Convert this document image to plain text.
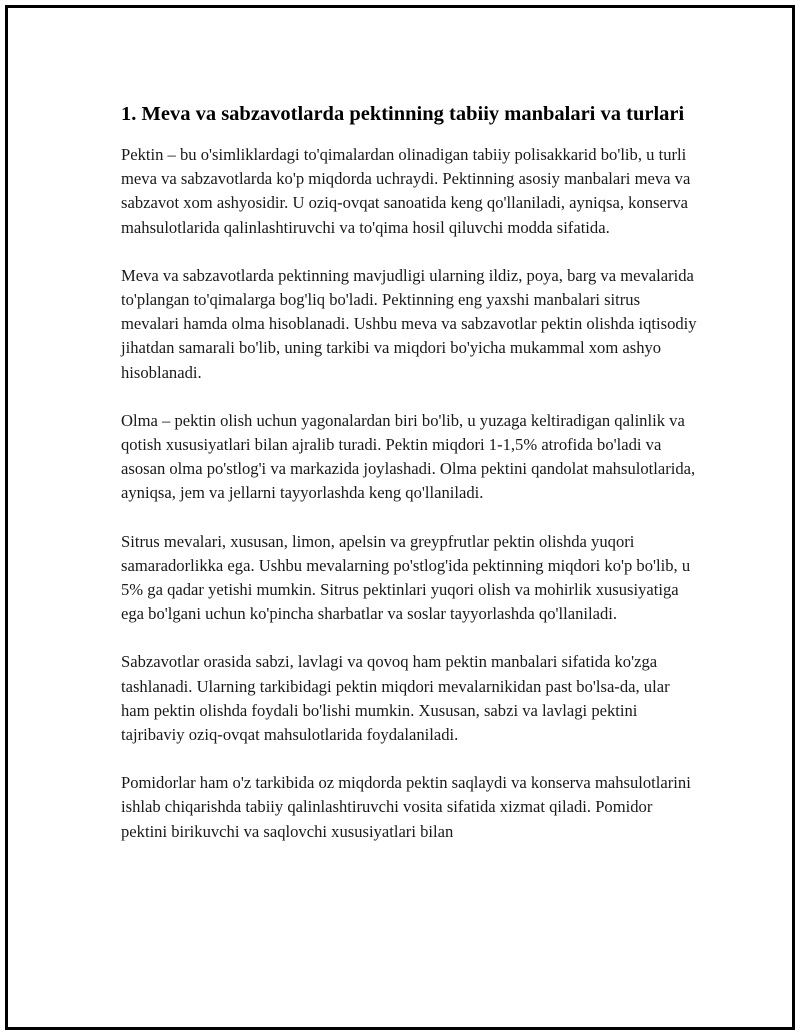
1. Meva va sabzavotlarda pektinning tabiiy manbalari va turlari

Pektin – bu o'simliklardagi to'qimalardan olinadigan tabiiy polisakkarid bo'lib, u turli meva va sabzavotlarda ko'p miqdorda uchraydi. Pektinning asosiy manbalari meva va sabzavot xom ashyosidir. U oziq-ovqat sanoatida keng qo'llaniladi, ayniqsa, konserva mahsulotlarida qalinlashtiruvchi va to'qima hosil qiluvchi modda sifatida.

Meva va sabzavotlarda pektinning mavjudligi ularning ildiz, poya, barg va mevalarida to'plangan to'qimalarga bog'liq bo'ladi. Pektinning eng yaxshi manbalari sitrus mevalari hamda olma hisoblanadi. Ushbu meva va sabzavotlar pektin olishda iqtisodiy jihatdan samarali bo'lib, uning tarkibi va miqdori bo'yicha mukammal xom ashyo hisoblanadi.

Olma – pektin olish uchun yagonalardan biri bo'lib, u yuzaga keltiradigan qalinlik va qotish xususiyatlari bilan ajralib turadi. Pektin miqdori 1-1,5% atrofida bo'ladi va asosan olma po'stlog'i va markazida joylashadi. Olma pektini qandolat mahsulotlarida, ayniqsa, jem va jellarni tayyorlashda keng qo'llaniladi.

Sitrus mevalari, xususan, limon, apelsin va greypfrutlar pektin olishda yuqori samaradorlikka ega. Ushbu mevalarning po'stlog'ida pektinning miqdori ko'p bo'lib, u 5% ga qadar yetishi mumkin. Sitrus pektinlari yuqori olish va mohirlik xususiyatiga ega bo'lgani uchun ko'pincha sharbatlar va soslar tayyorlashda qo'llaniladi.

Sabzavotlar orasida sabzi, lavlagi va qovoq ham pektin manbalari sifatida ko'zga tashlanadi. Ularning tarkibidagi pektin miqdori mevalarnikidan past bo'lsa-da, ular ham pektin olishda foydali bo'lishi mumkin. Xususan, sabzi va lavlagi pektini tajribaviy oziq-ovqat mahsulotlarida foydalaniladi.

Pomidorlar ham o'z tarkibida oz miqdorda pektin saqlaydi va konserva mahsulotlarini ishlab chiqarishda tabiiy qalinlashtiruvchi vosita sifatida xizmat qiladi. Pomidor pektini birikuvchi va saqlovchi xususiyatlari bilan
